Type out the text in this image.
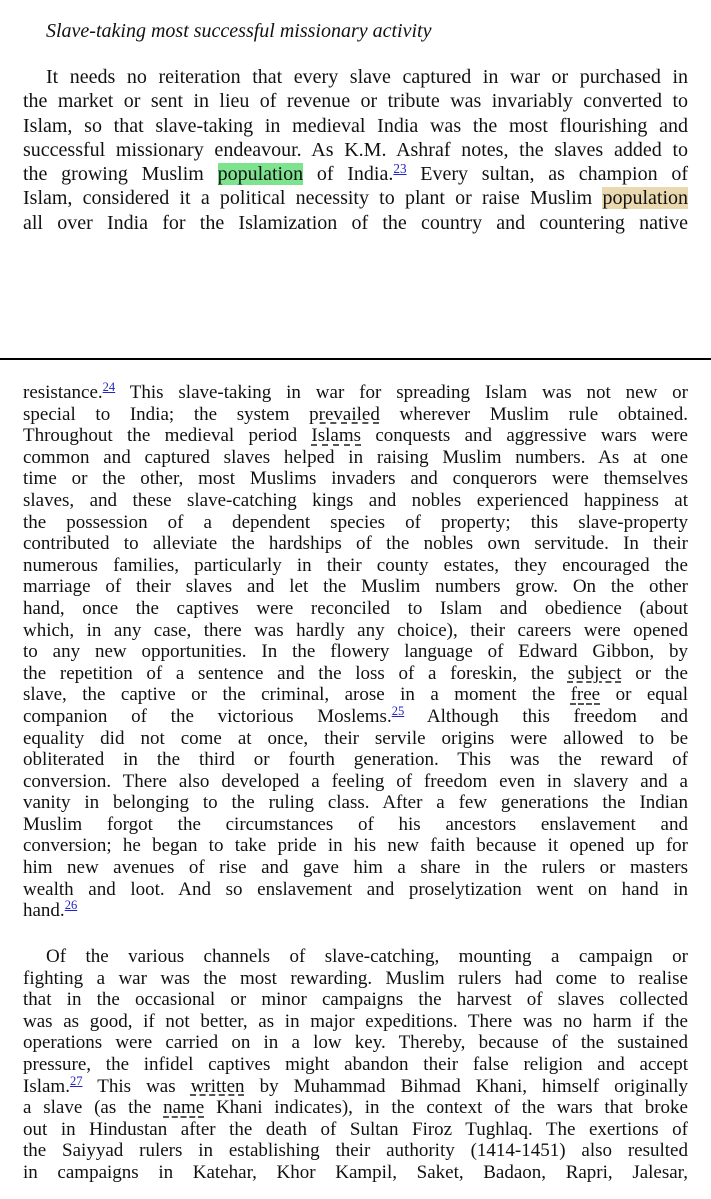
Slave-taking most successful missionary activity

It needs no reiteration that every slave captured in war or purchased in
the market or sent in lieu of revenue or tribute was invariably converted to
Islam, so that slave-taking in medieval India was the most flourishing and
successful missionary endeavour. As K.M. Ashraf notes, the slaves added to
the growing Muslim population of India.$^{23}$ Every sultan, as champion of
Islam, considered it a political necessity to plant or raise Muslim population
all over India for the Islamization of the country and countering native

resistance.$^{24}$ This slave-taking in war for spreading Islam was not new or
special to India; the system prevailed wherever Muslim rule obtained.
Throughout the medieval period Islams conquests and aggressive wars were
common and captured slaves helped in raising Muslim numbers. As at one
time or the other, most Muslims invaders and conquerors were themselves
slaves, and these slave-catching kings and nobles experienced happiness at
the possession of a dependent species of property; this slave-property
contributed to alleviate the hardships of the nobles own servitude. In their
numerous families, particularly in their county estates, they encouraged the
marriage of their slaves and let the Muslim numbers grow. On the other
hand, once the captives were reconciled to Islam and obedience (about
which, in any case, there was hardly any choice), their careers were opened
to any new opportunities. In the flowery language of Edward Gibbon, by
the repetition of a sentence and the loss of a foreskin, the subject or the
slave, the captive or the criminal, arose in a moment the free or equal
companion of the victorious Moslems.$^{25}$ Although this freedom and
equality did not come at once, their servile origins were allowed to be
obliterated in the third or fourth generation. This was the reward of
conversion. There also developed a feeling of freedom even in slavery and a
vanity in belonging to the ruling class. After a few generations the Indian
Muslim forgot the circumstances of his ancestors enslavement and
conversion; he began to take pride in his new faith because it opened up for
him new avenues of rise and gave him a share in the rulers or masters
wealth and loot. And so enslavement and proselytization went on hand in
hand.$^{26}$

Of the various channels of slave-catching, mounting a campaign or
fighting a war was the most rewarding. Muslim rulers had come to realise
that in the occasional or minor campaigns the harvest of slaves collected
was as good, if not better, as in major expeditions. There was no harm if the
operations were carried on in a low key. Thereby, because of the sustained
pressure, the infidel captives might abandon their false religion and accept
Islam.$^{27}$ This was written by Muhammad Bihmad Khani, himself originally
a slave (as the name Khani indicates), in the context of the wars that broke
out in Hindustan after the death of Sultan Firoz Tughlaq. The exertions of
the Saiyyad rulers in establishing their authority (1414-1451) also resulted
in campaigns in Katehar, Khor Kampil, Saket, Badaon, Rapri, Jalesar,
